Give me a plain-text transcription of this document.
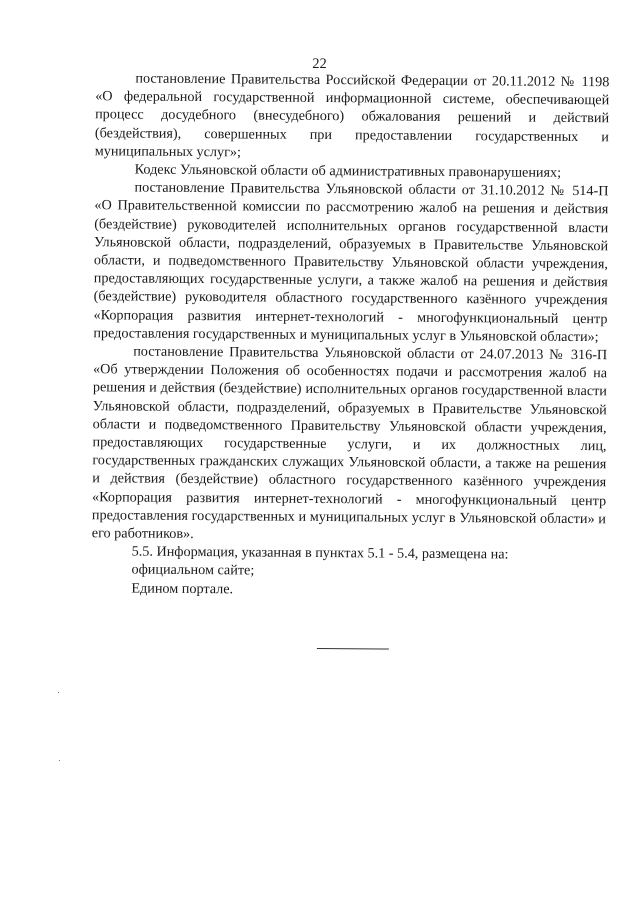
22

постановление Правительства Российской Федерации от 20.11.2012 № 1198 «О федеральной государственной информационной системе, обеспечивающей процесс досудебного (внесудебного) обжалования решений и действий (бездействия), совершенных при предоставлении государственных и муниципальных услуг»;

Кодекс Ульяновской области об административных правонарушениях;

постановление Правительства Ульяновской области от 31.10.2012 № 514-П «О Правительственной комиссии по рассмотрению жалоб на решения и действия (бездействие) руководителей исполнительных органов государственной власти Ульяновской области, подразделений, образуемых в Правительстве Ульяновской области, и подведомственного Правительству Ульяновской области учреждения, предоставляющих государственные услуги, а также жалоб на решения и действия (бездействие) руководителя областного государственного казённого учреждения «Корпорация развития интернет-технологий - многофункциональный центр предоставления государственных и муниципальных услуг в Ульяновской области»;

постановление Правительства Ульяновской области от 24.07.2013 № 316-П «Об утверждении Положения об особенностях подачи и рассмотрения жалоб на решения и действия (бездействие) исполнительных органов государственной власти Ульяновской области, подразделений, образуемых в Правительстве Ульяновской области и подведомственного Правительству Ульяновской области учреждения, предоставляющих государственные услуги, и их должностных лиц, государственных гражданских служащих Ульяновской области, а также на решения и действия (бездействие) областного государственного казённого учреждения «Корпорация развития интернет-технологий - многофункциональный центр предоставления государственных и муниципальных услуг в Ульяновской области» и его работников».

5.5. Информация, указанная в пунктах 5.1 - 5.4, размещена на:

официальном сайте;

Едином портале.
